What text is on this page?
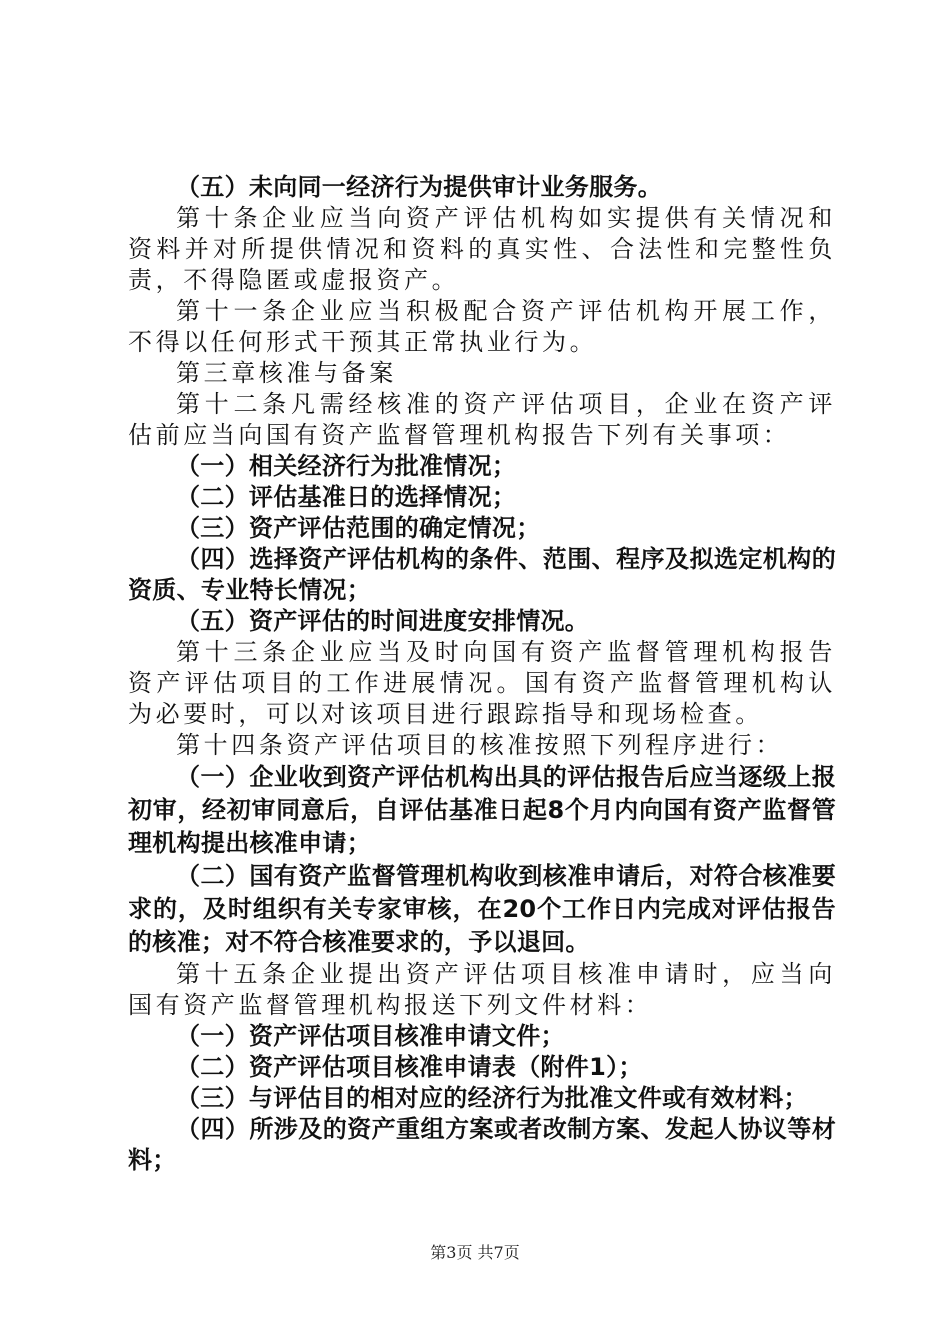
（五）未向同一经济行为提供审计业务服务。

第十条企业应当向资产评估机构如实提供有关情况和资料并对所提供情况和资料的真实性、合法性和完整性负责，不得隐匿或虚报资产。

第十一条企业应当积极配合资产评估机构开展工作，不得以任何形式干预其正常执业行为。

第三章核准与备案

第十二条凡需经核准的资产评估项目，企业在资产评估前应当向国有资产监督管理机构报告下列有关事项：

（一）相关经济行为批准情况；

（二）评估基准日的选择情况；

（三）资产评估范围的确定情况；

（四）选择资产评估机构的条件、范围、程序及拟选定机构的资质、专业特长情况；

（五）资产评估的时间进度安排情况。

第十三条企业应当及时向国有资产监督管理机构报告资产评估项目的工作进展情况。国有资产监督管理机构认为必要时，可以对该项目进行跟踪指导和现场检查。

第十四条资产评估项目的核准按照下列程序进行：

（一）企业收到资产评估机构出具的评估报告后应当逐级上报初审，经初审同意后，自评估基准日起8个月内向国有资产监督管理机构提出核准申请；

（二）国有资产监督管理机构收到核准申请后，对符合核准要求的，及时组织有关专家审核，在20个工作日内完成对评估报告的核准；对不符合核准要求的，予以退回。

第十五条企业提出资产评估项目核准申请时，应当向国有资产监督管理机构报送下列文件材料：

（一）资产评估项目核准申请文件；

（二）资产评估项目核准申请表（附件1）；

（三）与评估目的相对应的经济行为批准文件或有效材料；

（四）所涉及的资产重组方案或者改制方案、发起人协议等材料；

第3页 共7页
